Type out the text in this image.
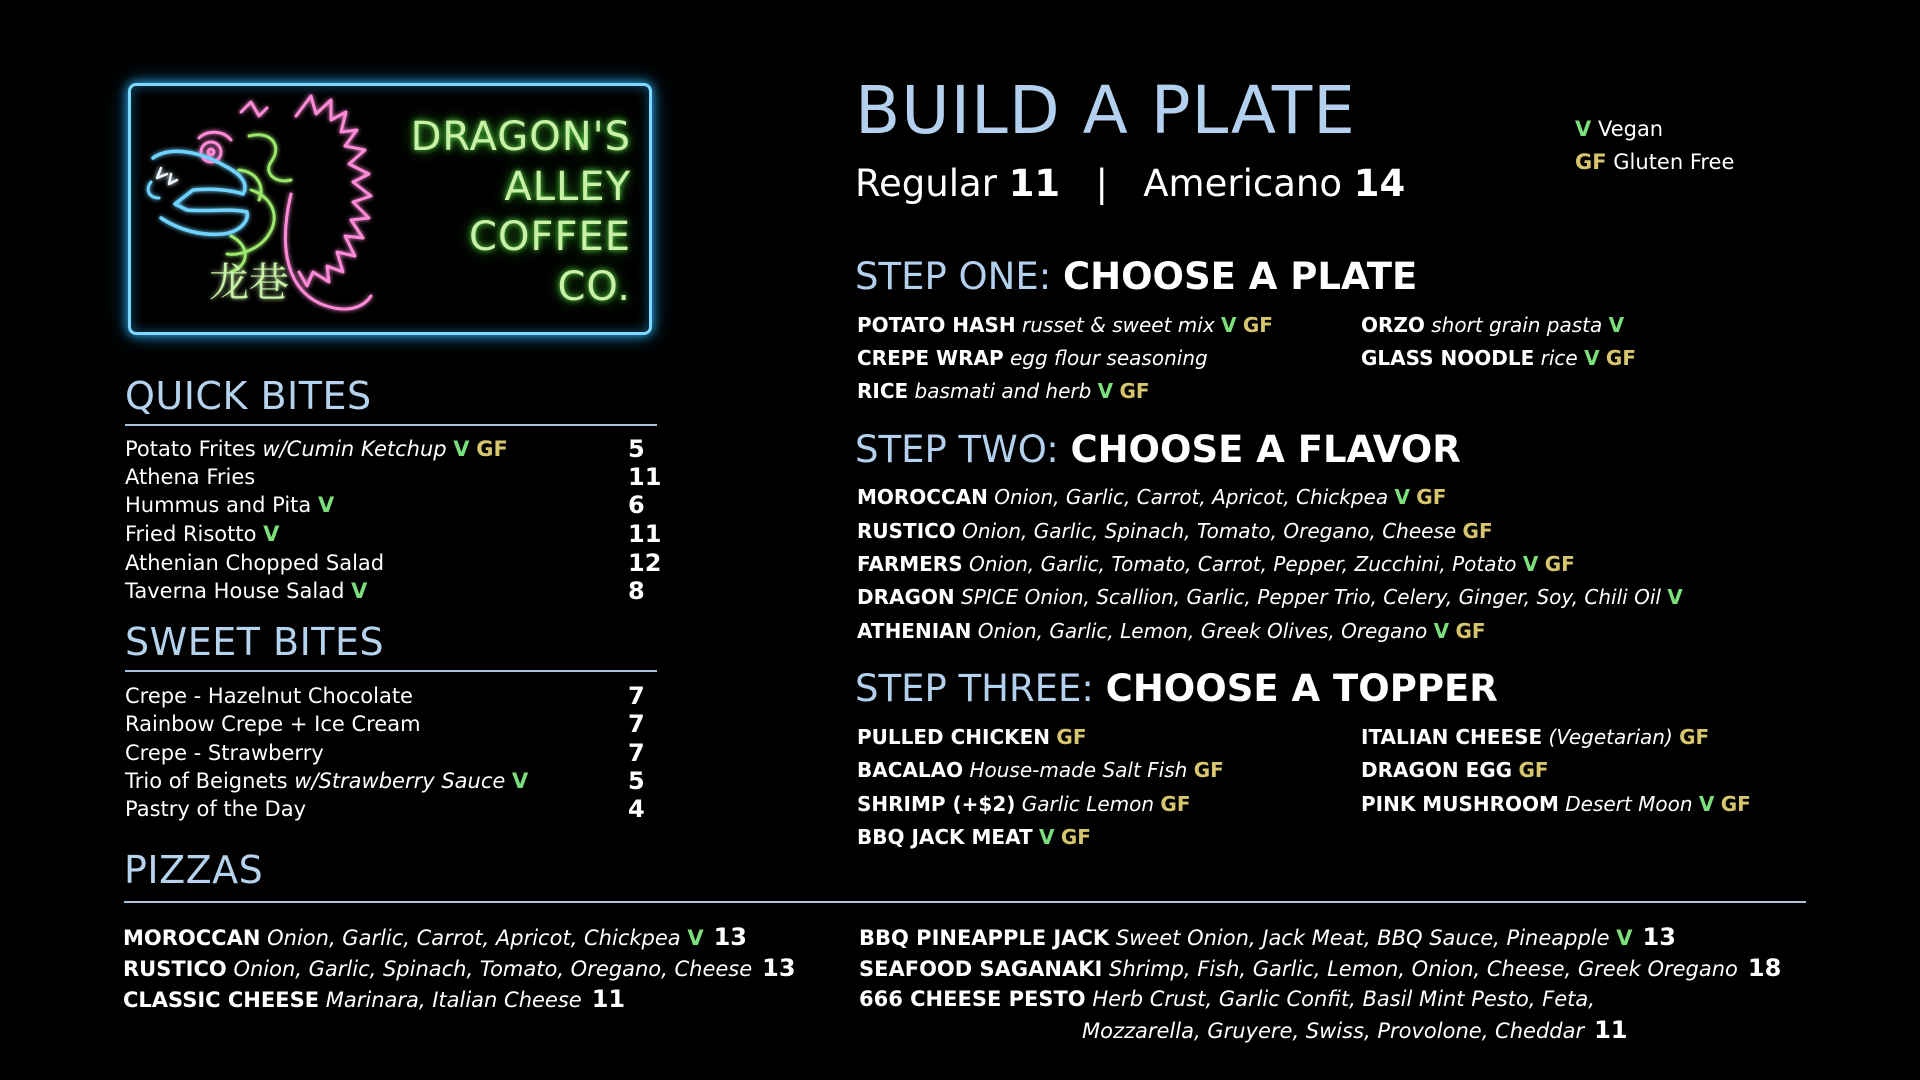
龙巷
DRAGON'S
ALLEY
COFFEE
CO.
QUICK BITES
Potato Frites w/Cumin Ketchup V GF	5
Athena Fries	11
Hummus and Pita V	6
Fried Risotto V	11
Athenian Chopped Salad	12
Taverna House Salad V	8
SWEET BITES
Crepe - Hazelnut Chocolate	7
Rainbow Crepe + Ice Cream	7
Crepe - Strawberry	7
Trio of Beignets w/Strawberry Sauce V	5
Pastry of the Day	4
BUILD A PLATE
Regular 11 | Americano 14
V Vegan
GF Gluten Free
STEP ONE: CHOOSE A PLATE
POTATO HASH russet & sweet mix V GF
CREPE WRAP egg flour seasoning
RICE basmati and herb V GF
ORZO short grain pasta V
GLASS NOODLE rice V GF
STEP TWO: CHOOSE A FLAVOR
MOROCCAN Onion, Garlic, Carrot, Apricot, Chickpea V GF
RUSTICO Onion, Garlic, Spinach, Tomato, Oregano, Cheese GF
FARMERS Onion, Garlic, Tomato, Carrot, Pepper, Zucchini, Potato V GF
DRAGON SPICE Onion, Scallion, Garlic, Pepper Trio, Celery, Ginger, Soy, Chili Oil V
ATHENIAN Onion, Garlic, Lemon, Greek Olives, Oregano V GF
STEP THREE: CHOOSE A TOPPER
PULLED CHICKEN GF
BACALAO House-made Salt Fish GF
SHRIMP (+$2) Garlic Lemon GF
BBQ JACK MEAT V GF
ITALIAN CHEESE (Vegetarian) GF
DRAGON EGG GF
PINK MUSHROOM Desert Moon V GF
PIZZAS
MOROCCAN Onion, Garlic, Carrot, Apricot, Chickpea V 13
RUSTICO Onion, Garlic, Spinach, Tomato, Oregano, Cheese 13
CLASSIC CHEESE Marinara, Italian Cheese 11
BBQ PINEAPPLE JACK Sweet Onion, Jack Meat, BBQ Sauce, Pineapple V 13
SEAFOOD SAGANAKI Shrimp, Fish, Garlic, Lemon, Onion, Cheese, Greek Oregano 18
666 CHEESE PESTO Herb Crust, Garlic Confit, Basil Mint Pesto, Feta,
Mozzarella, Gruyere, Swiss, Provolone, Cheddar 11
